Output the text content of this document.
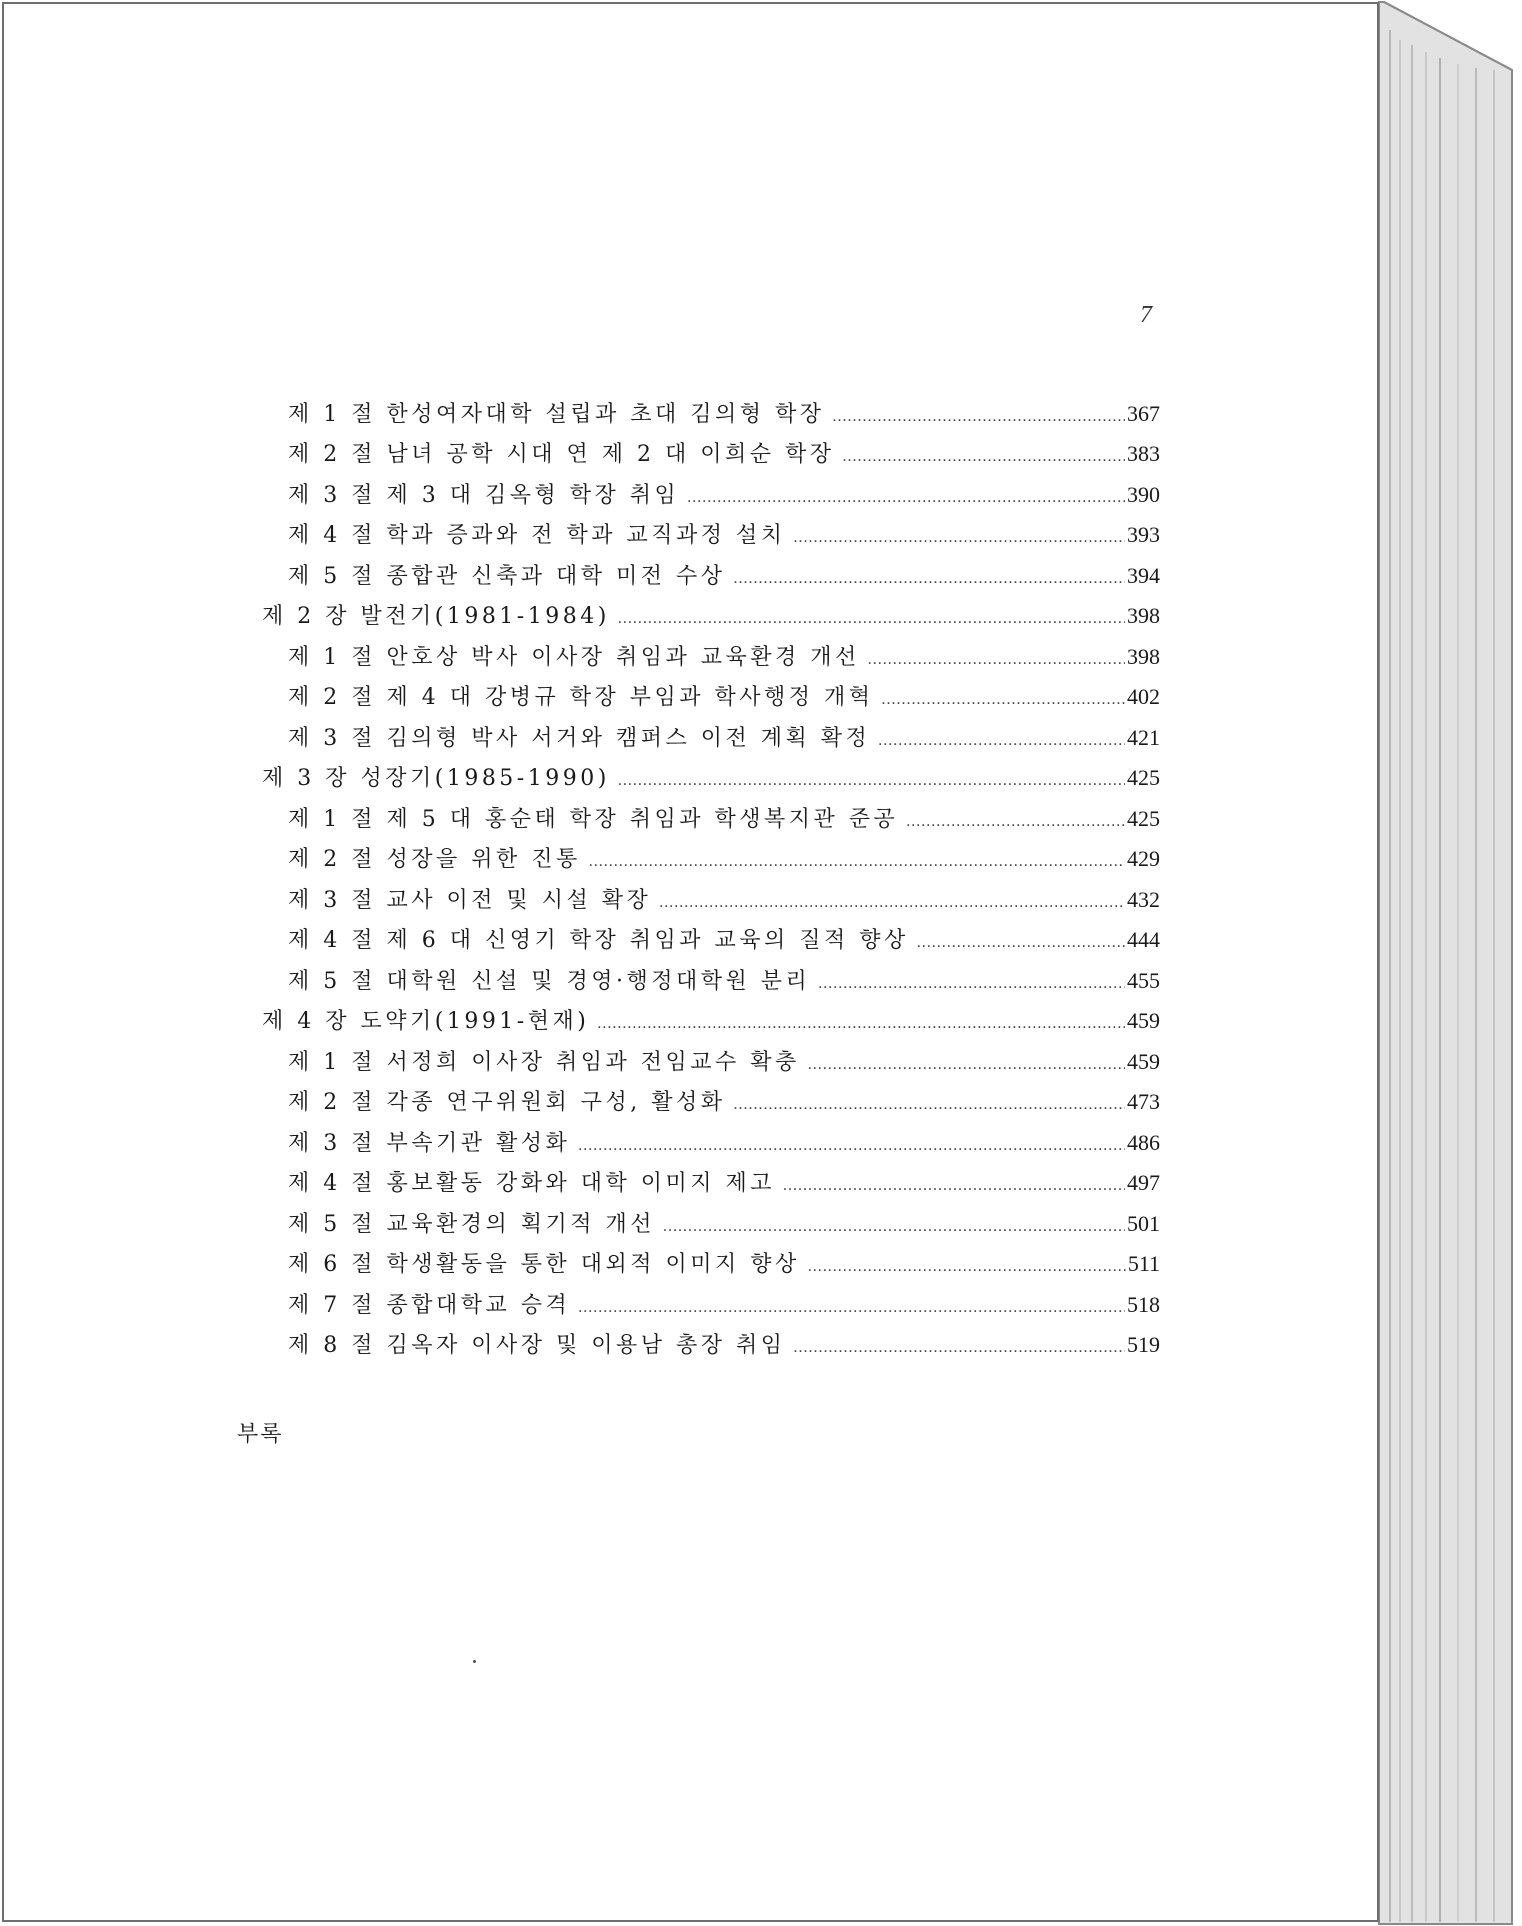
7
제 1 절 한성여자대학 설립과 초대 김의형 학장 .....	367
제 2 절 남녀 공학 시대 연 제 2 대 이희순 학장 .....	383
제 3 절 제 3 대 김옥형 학장 취임 .....	390
제 4 절 학과 증과와 전 학과 교직과정 설치 .....	393
제 5 절 종합관 신축과 대학 미전 수상 .....	394
제 2 장 발전기(1981-1984) .....	398
제 1 절 안호상 박사 이사장 취임과 교육환경 개선 .....	398
제 2 절 제 4 대 강병규 학장 부임과 학사행정 개혁 .....	402
제 3 절 김의형 박사 서거와 캠퍼스 이전 계획 확정 .....	421
제 3 장 성장기(1985-1990) .....	425
제 1 절 제 5 대 홍순태 학장 취임과 학생복지관 준공 .....	425
제 2 절 성장을 위한 진통 .....	429
제 3 절 교사 이전 및 시설 확장 .....	432
제 4 절 제 6 대 신영기 학장 취임과 교육의 질적 향상 .....	444
제 5 절 대학원 신설 및 경영·행정대학원 분리 .....	455
제 4 장 도약기(1991-현재) .....	459
제 1 절 서정희 이사장 취임과 전임교수 확충 .....	459
제 2 절 각종 연구위원회 구성, 활성화 .....	473
제 3 절 부속기관 활성화 .....	486
제 4 절 홍보활동 강화와 대학 이미지 제고 .....	497
제 5 절 교육환경의 획기적 개선 .....	501
제 6 절 학생활동을 통한 대외적 이미지 향상 .....	511
제 7 절 종합대학교 승격 .....	518
제 8 절 김옥자 이사장 및 이용남 총장 취임 .....	519
부록
